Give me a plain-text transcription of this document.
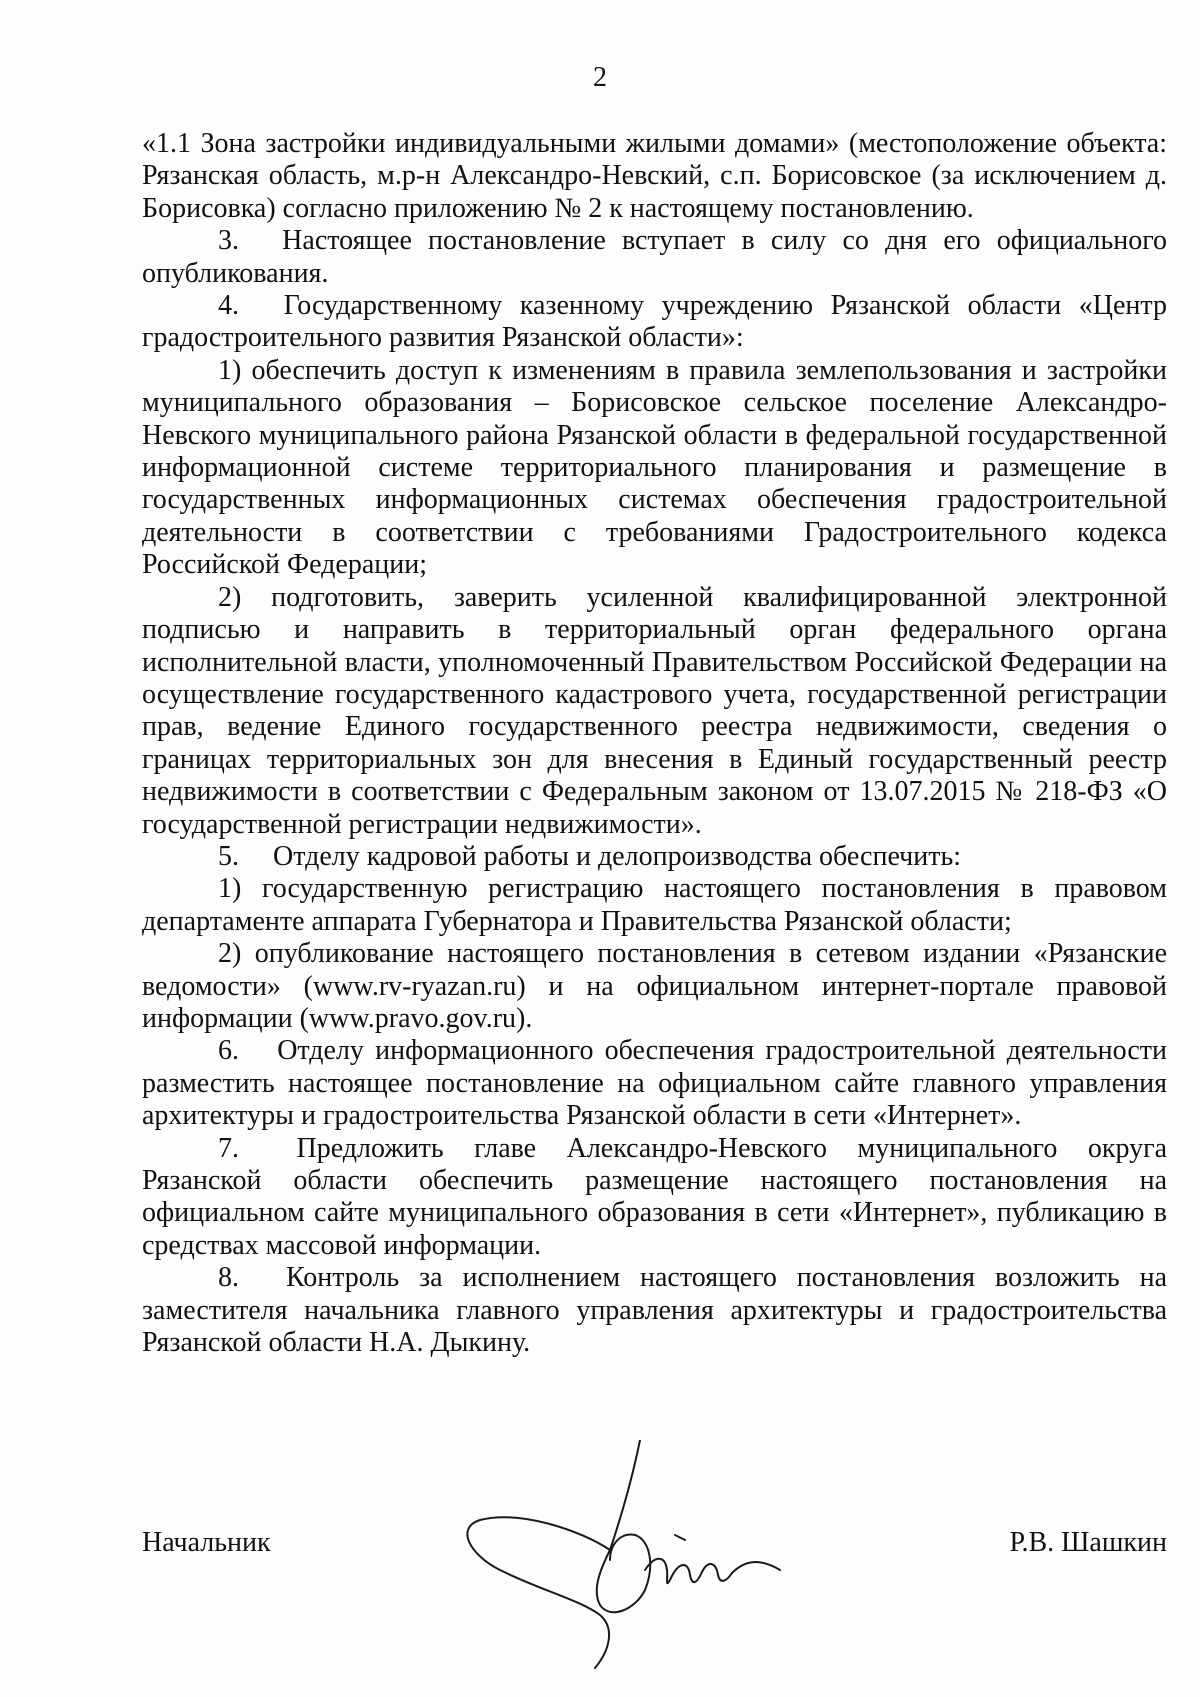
2

«1.1 Зона застройки индивидуальными жилыми домами» (местоположение объекта: Рязанская область, м.р-н Александро-Невский, с.п. Борисовское (за исключением д. Борисовка) согласно приложению № 2 к настоящему постановлению.

3. Настоящее постановление вступает в силу со дня его официального опубликования.

4. Государственному казенному учреждению Рязанской области «Центр градостроительного развития Рязанской области»:

1) обеспечить доступ к изменениям в правила землепользования и застройки муниципального образования – Борисовское сельское поселение Александро-Невского муниципального района Рязанской области в федеральной государственной информационной системе территориального планирования и размещение в государственных информационных системах обеспечения градостроительной деятельности в соответствии с требованиями Градостроительного кодекса Российской Федерации;

2) подготовить, заверить усиленной квалифицированной электронной подписью и направить в территориальный орган федерального органа исполнительной власти, уполномоченный Правительством Российской Федерации на осуществление государственного кадастрового учета, государственной регистрации прав, ведение Единого государственного реестра недвижимости, сведения о границах территориальных зон для внесения в Единый государственный реестр недвижимости в соответствии с Федеральным законом от 13.07.2015 № 218-ФЗ «О государственной регистрации недвижимости».

5. Отделу кадровой работы и делопроизводства обеспечить:

1) государственную регистрацию настоящего постановления в правовом департаменте аппарата Губернатора и Правительства Рязанской области;

2) опубликование настоящего постановления в сетевом издании «Рязанские ведомости» (www.rv-ryazan.ru) и на официальном интернет-портале правовой информации (www.pravo.gov.ru).

6. Отделу информационного обеспечения градостроительной деятельности разместить настоящее постановление на официальном сайте главного управления архитектуры и градостроительства Рязанской области в сети «Интернет».

7. Предложить главе Александро-Невского муниципального округа Рязанской области обеспечить размещение настоящего постановления на официальном сайте муниципального образования в сети «Интернет», публикацию в средствах массовой информации.

8. Контроль за исполнением настоящего постановления возложить на заместителя начальника главного управления архитектуры и градостроительства Рязанской области Н.А. Дыкину.

Начальник	Р.В. Шашкин
